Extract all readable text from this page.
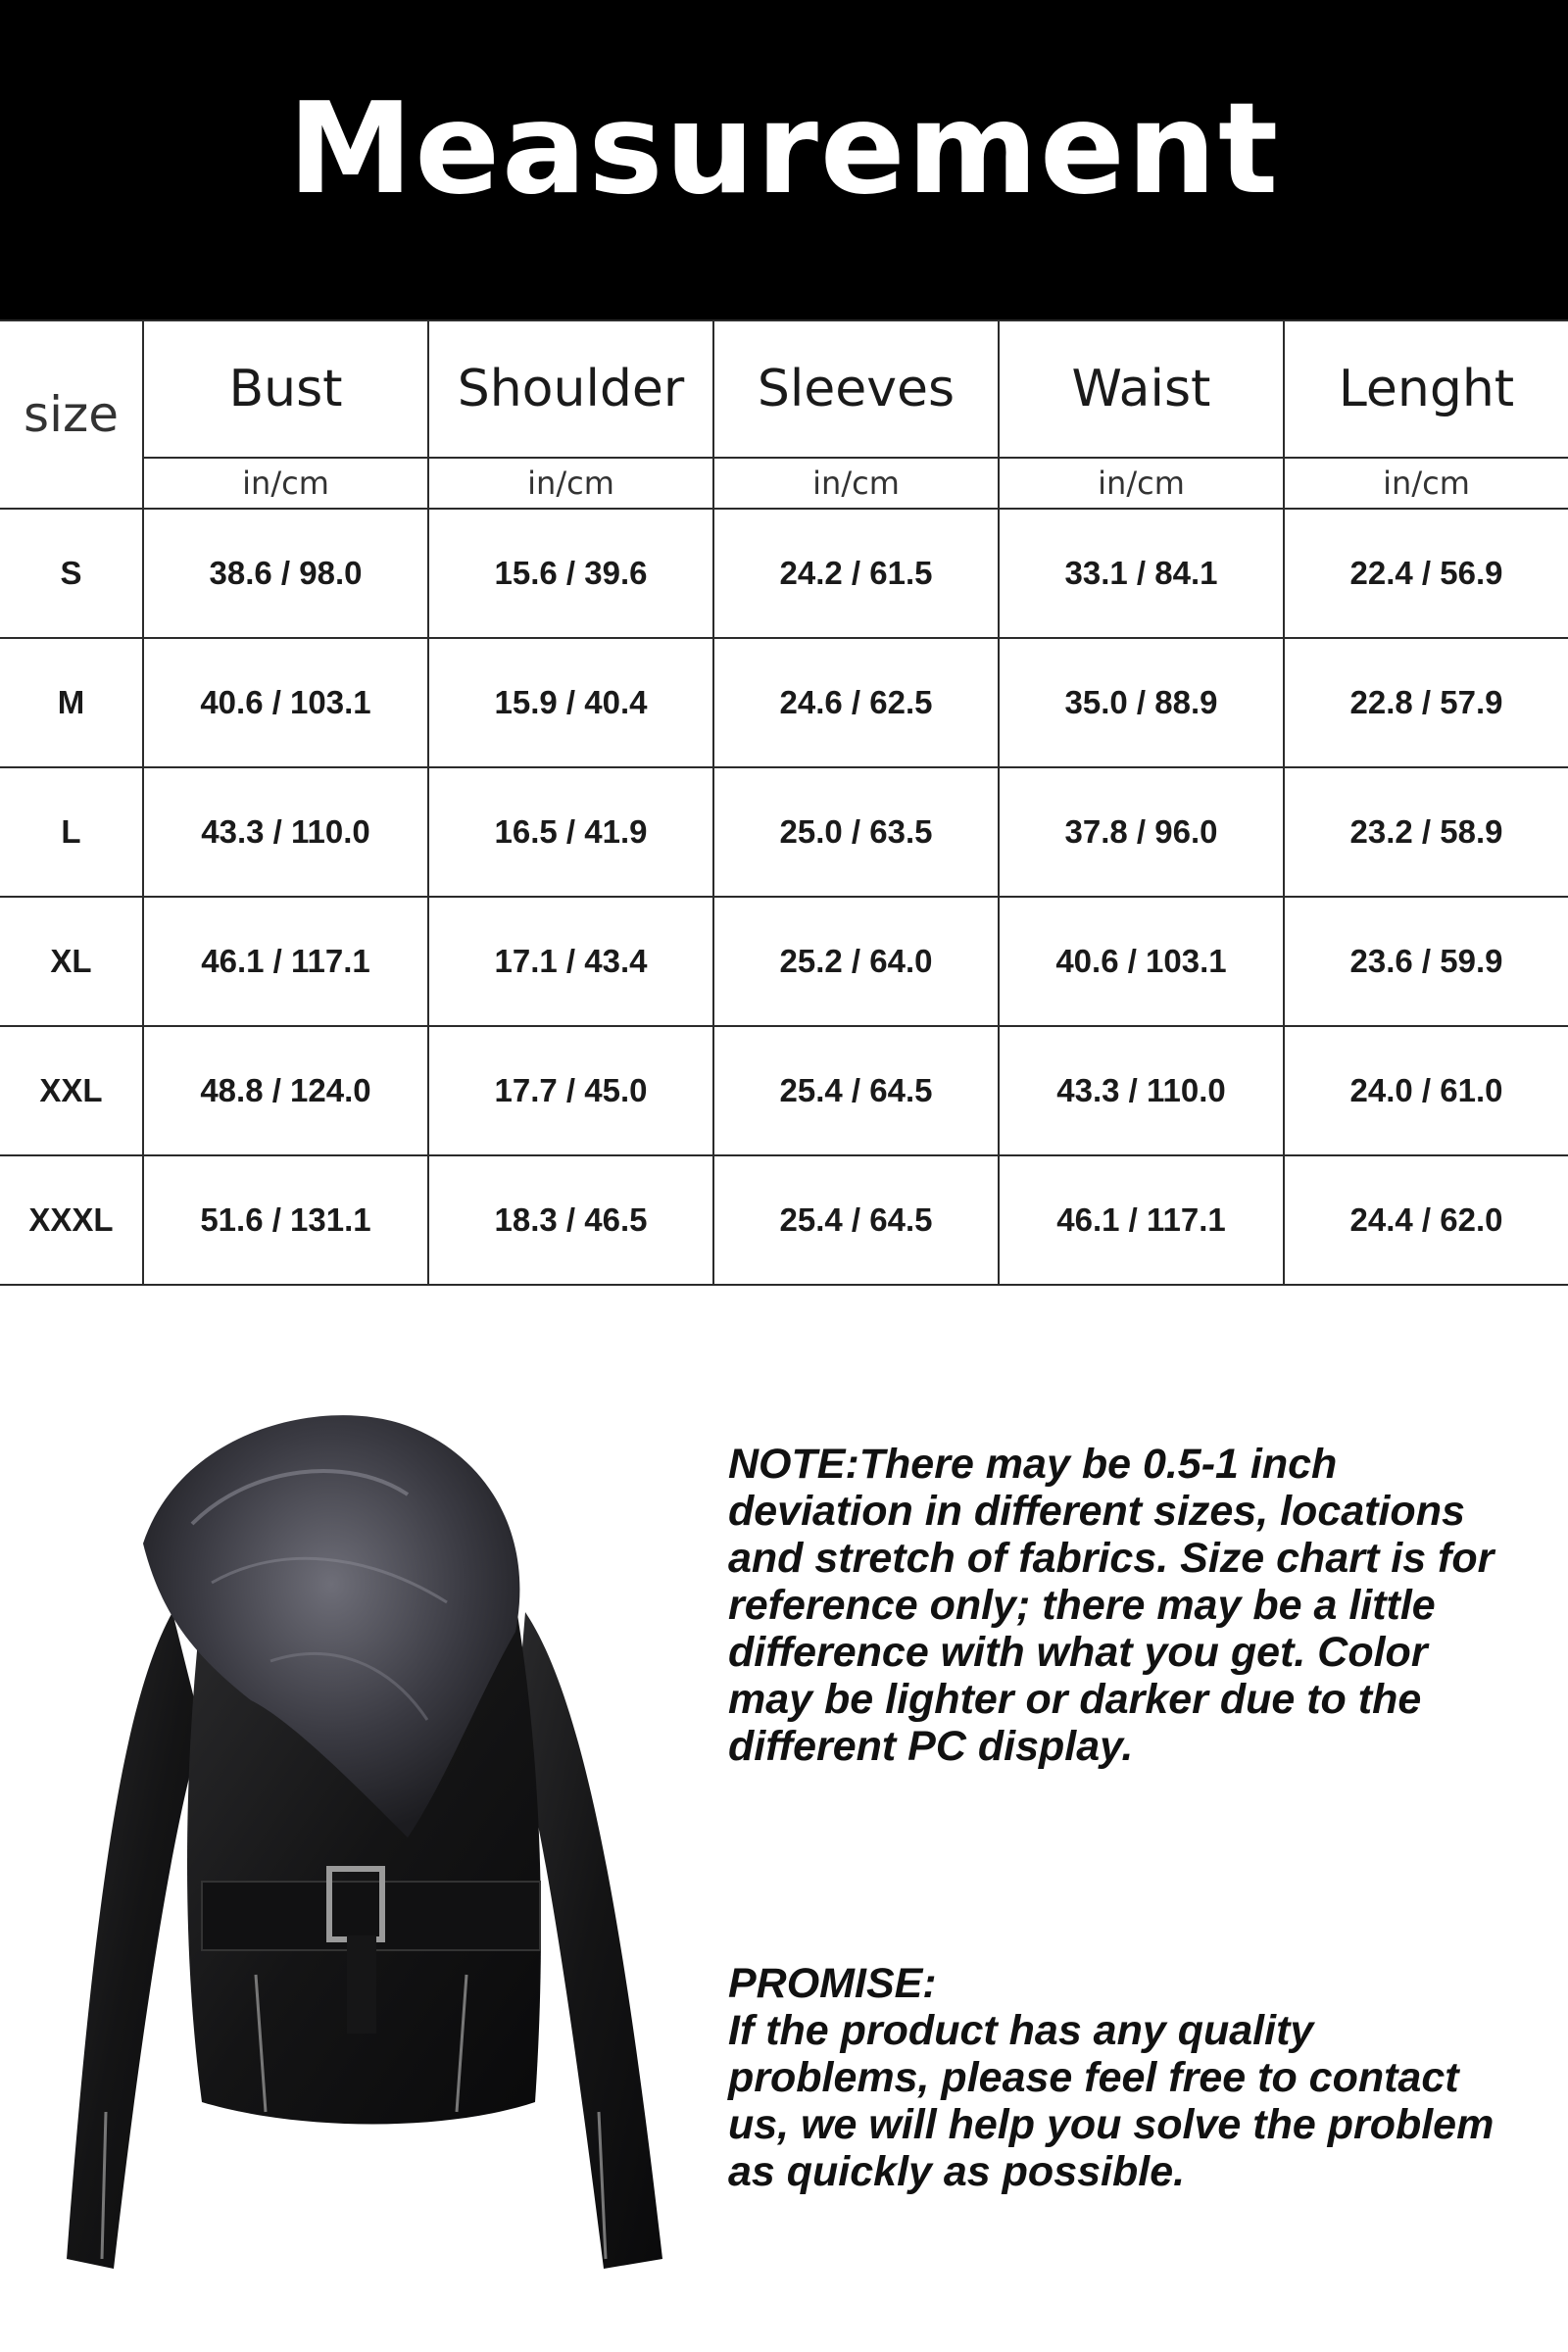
Measurement
size	Bust	Shoulder	Sleeves	Waist	Lenght
	in/cm	in/cm	in/cm	in/cm	in/cm
S	38.6 / 98.0	15.6 / 39.6	24.2 / 61.5	33.1 / 84.1	22.4 / 56.9
M	40.6 / 103.1	15.9 / 40.4	24.6 / 62.5	35.0 / 88.9	22.8 / 57.9
L	43.3 / 110.0	16.5 / 41.9	25.0 / 63.5	37.8 / 96.0	23.2 / 58.9
XL	46.1 / 117.1	17.1 / 43.4	25.2 / 64.0	40.6 / 103.1	23.6 / 59.9
XXL	48.8 / 124.0	17.7 / 45.0	25.4 / 64.5	43.3 / 110.0	24.0 / 61.0
XXXL	51.6 / 131.1	18.3 / 46.5	25.4 / 64.5	46.1 / 117.1	24.4 / 62.0

NOTE:There may be 0.5-1 inch deviation in different sizes, locations and stretch of fabrics. Size chart is for reference only; there may be a little difference with what you get. Color may be lighter or darker due to the different PC display.

PROMISE:

If the product has any quality problems, please feel free to contact us, we will help you solve the problem as quickly as possible.
